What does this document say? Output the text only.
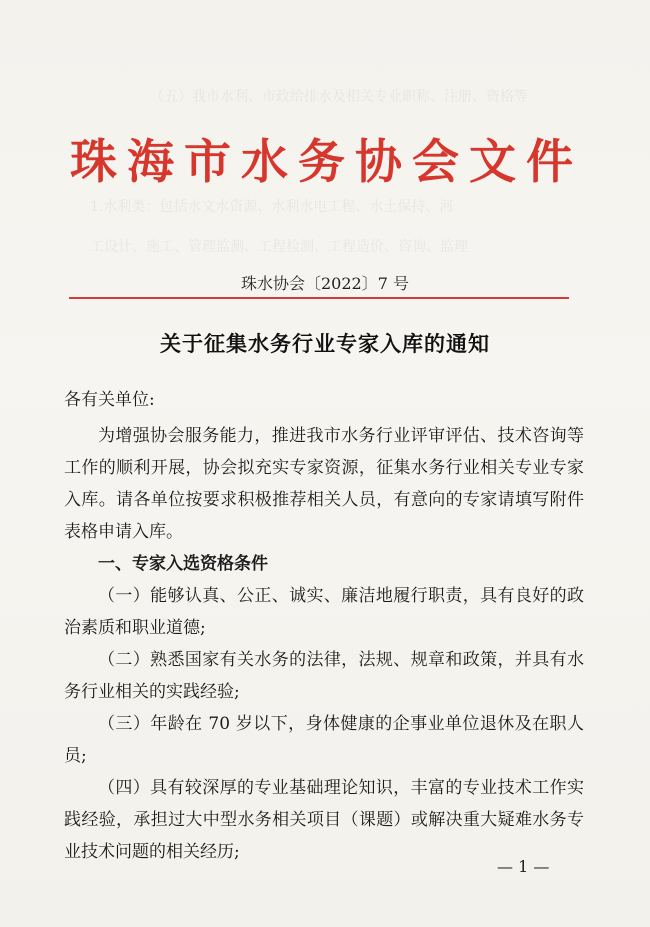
（五）我市水利、市政给排水及相关专业职称、注册、资格等
1.水利类：包括水文水资源、水利水电工程、水土保持、河
工设计、施工、管理监测、工程检测、工程造价、咨询、监理
珠海市水务协会文件
珠水协会〔2022〕7 号
关于征集水务行业专家入库的通知
各有关单位:

为增强协会服务能力，推进我市水务行业评审评估、技术咨询等工作的顺利开展，协会拟充实专家资源，征集水务行业相关专业专家入库。请各单位按要求积极推荐相关人员，有意向的专家请填写附件表格申请入库。

一、专家入选资格条件

（一）能够认真、公正、诚实、廉洁地履行职责，具有良好的政治素质和职业道德;

（二）熟悉国家有关水务的法律，法规、规章和政策，并具有水务行业相关的实践经验;

（三）年龄在 70 岁以下，身体健康的企事业单位退休及在职人员;

（四）具有较深厚的专业基础理论知识，丰富的专业技术工作实践经验，承担过大中型水务相关项目（课题）或解决重大疑难水务专业技术问题的相关经历;

— 1 —
